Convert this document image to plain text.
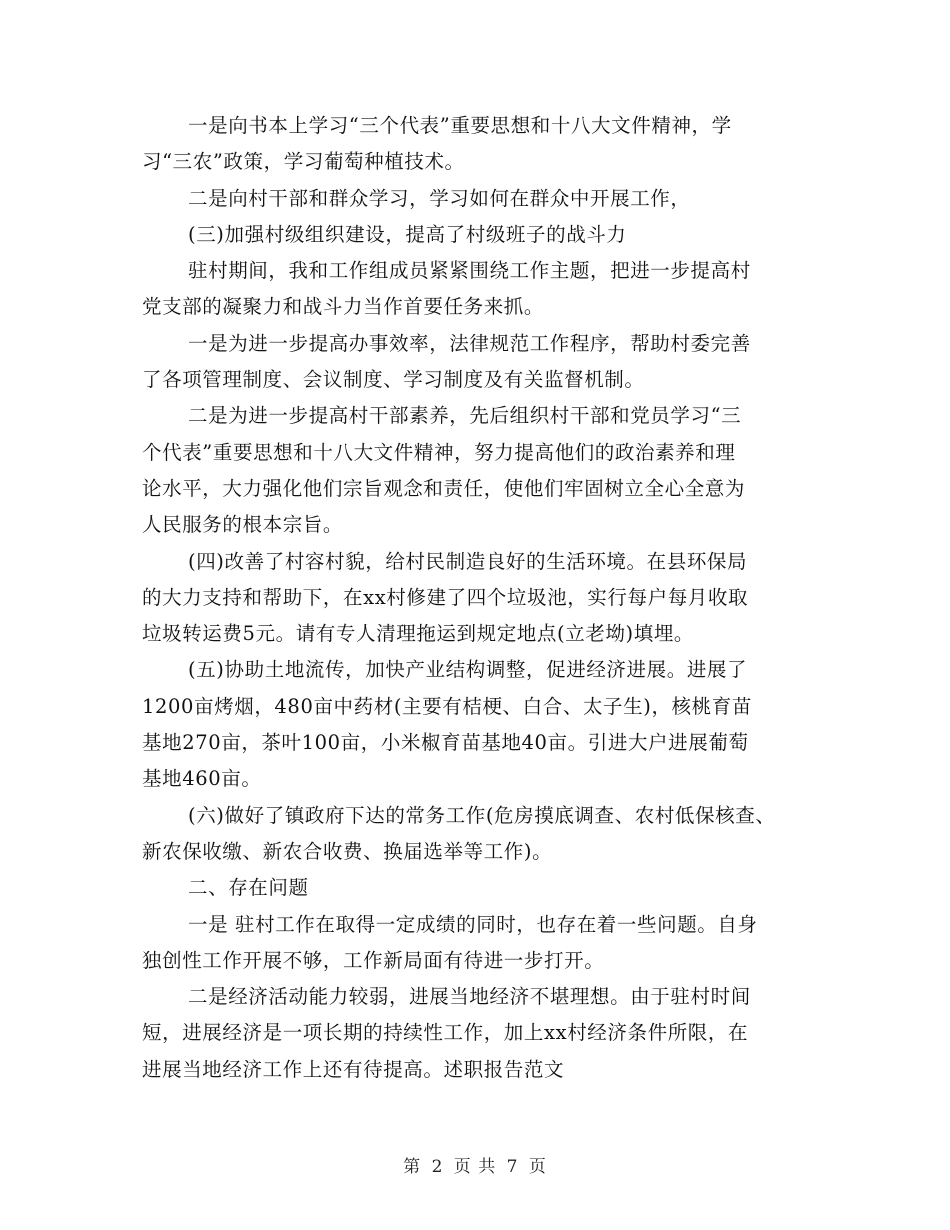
一是向书本上学习“三个代表”重要思想和十八大文件精神，学
习“三农”政策，学习葡萄种植技术。
二是向村干部和群众学习，学习如何在群众中开展工作，
(三)加强村级组织建设，提高了村级班子的战斗力
驻村期间，我和工作组成员紧紧围绕工作主题，把进一步提高村
党支部的凝聚力和战斗力当作首要任务来抓。
一是为进一步提高办事效率，法律规范工作程序，帮助村委完善
了各项管理制度、会议制度、学习制度及有关监督机制。
二是为进一步提高村干部素养，先后组织村干部和党员学习“三
个代表”重要思想和十八大文件精神，努力提高他们的政治素养和理
论水平，大力强化他们宗旨观念和责任，使他们牢固树立全心全意为
人民服务的根本宗旨。
(四)改善了村容村貌，给村民制造良好的生活环境。在县环保局
的大力支持和帮助下，在xx村修建了四个垃圾池，实行每户每月收取
垃圾转运费5元。请有专人清理拖运到规定地点(立老坳)填埋。
(五)协助土地流传，加快产业结构调整，促进经济进展。进展了
1200亩烤烟，480亩中药材(主要有桔梗、白合、太子生)，核桃育苗
基地270亩，茶叶100亩，小米椒育苗基地40亩。引进大户进展葡萄
基地460亩。
(六)做好了镇政府下达的常务工作(危房摸底调查、农村低保核查、
新农保收缴、新农合收费、换届选举等工作)。
二、存在问题
一是 驻村工作在取得一定成绩的同时，也存在着一些问题。自身
独创性工作开展不够，工作新局面有待进一步打开。
二是经济活动能力较弱，进展当地经济不堪理想。由于驻村时间
短，进展经济是一项长期的持续性工作，加上xx村经济条件所限，在
进展当地经济工作上还有待提高。述职报告范文
第 2 页 共 7 页
